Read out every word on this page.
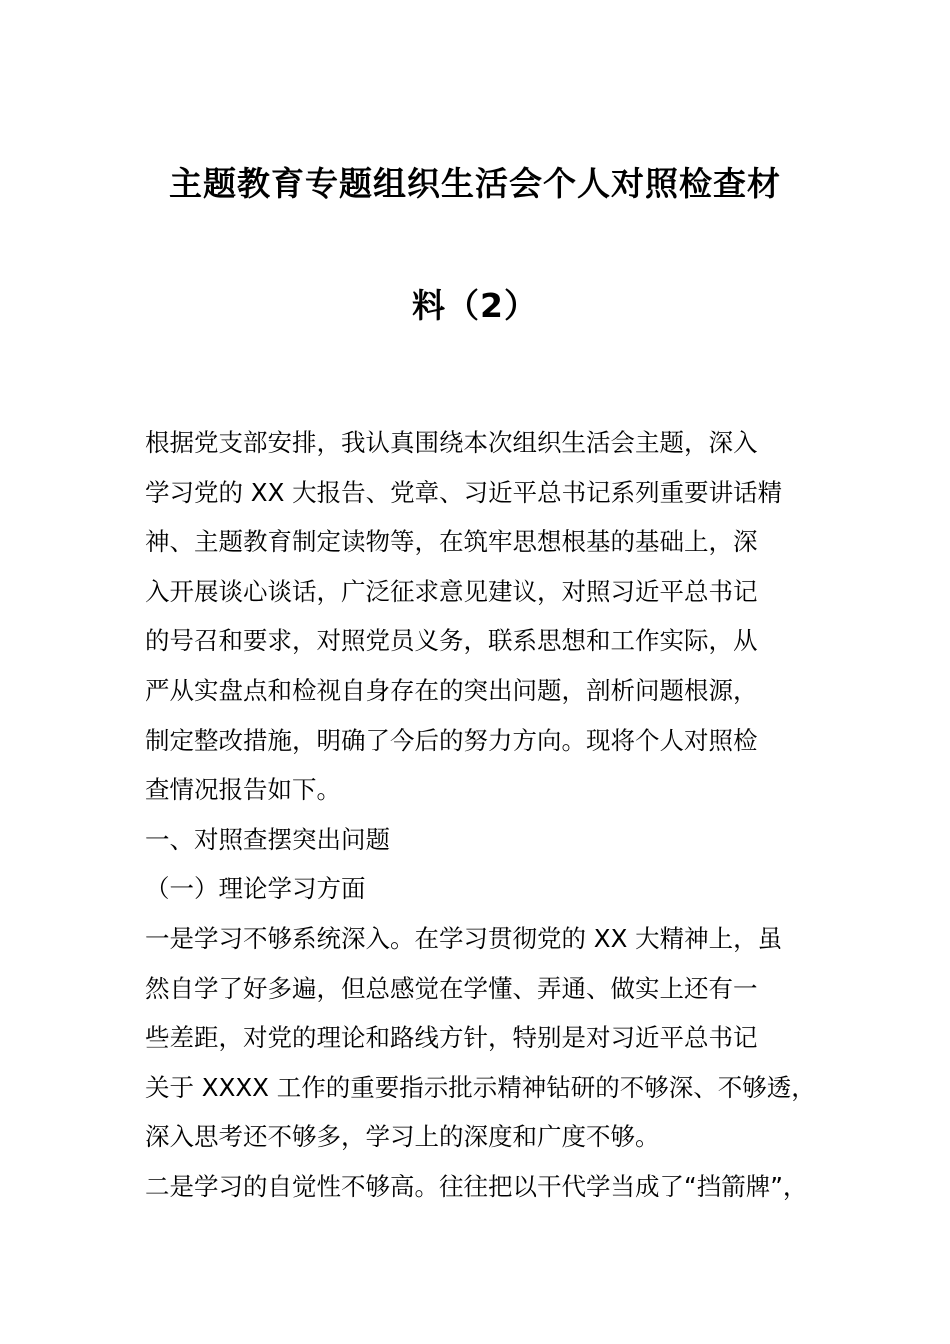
主题教育专题组织生活会个人对照检查材
料（2）
根据党支部安排，我认真围绕本次组织生活会主题，深入
学习党的 XX 大报告、党章、习近平总书记系列重要讲话精
神、主题教育制定读物等，在筑牢思想根基的基础上，深
入开展谈心谈话，广泛征求意见建议，对照习近平总书记
的号召和要求，对照党员义务，联系思想和工作实际，从
严从实盘点和检视自身存在的突出问题，剖析问题根源，
制定整改措施，明确了今后的努力方向。现将个人对照检
查情况报告如下。
一、对照查摆突出问题
（一）理论学习方面
一是学习不够系统深入。在学习贯彻党的 XX 大精神上，虽
然自学了好多遍，但总感觉在学懂、弄通、做实上还有一
些差距，对党的理论和路线方针，特别是对习近平总书记
关于 XXXX 工作的重要指示批示精神钻研的不够深、不够透，
深入思考还不够多，学习上的深度和广度不够。
二是学习的自觉性不够高。往往把以干代学当成了“挡箭牌”，
